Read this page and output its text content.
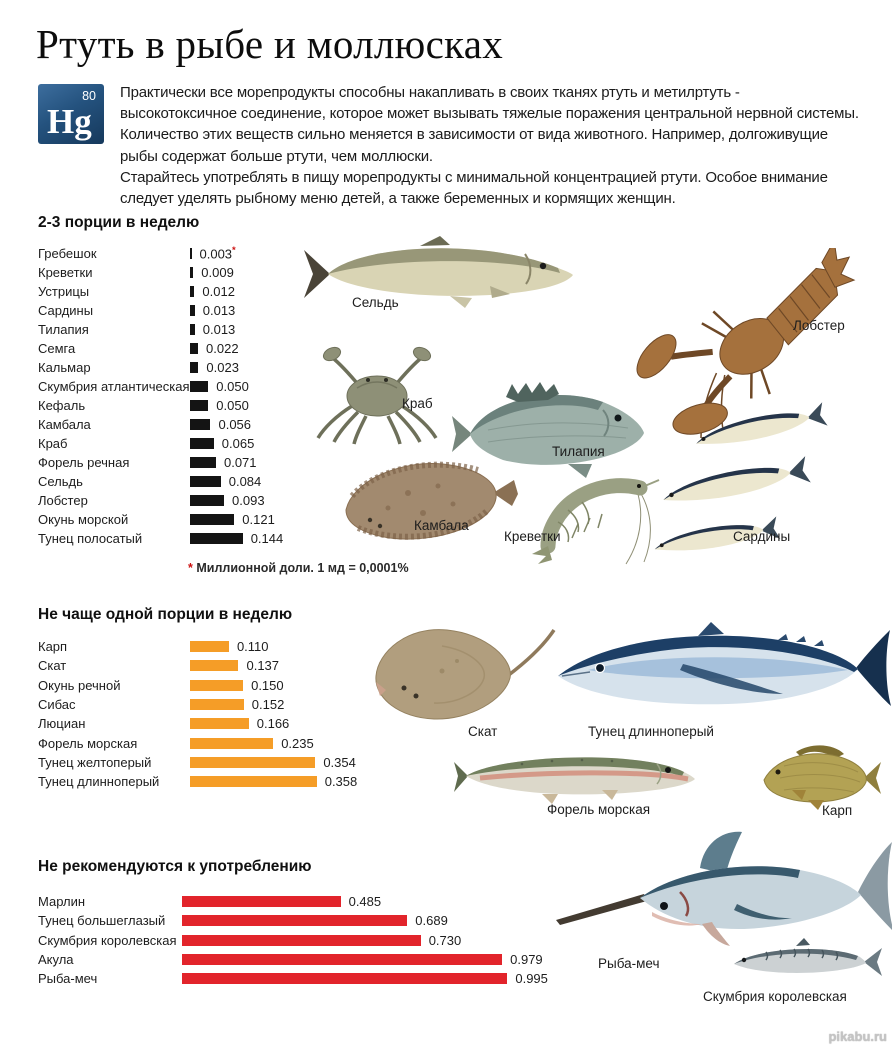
Ртуть в рыбе и моллюсках
80
Hg

Практически все морепродукты способны накапливать в своих тканях ртуть и метилртуть - высокотоксичное соединение, которое может вызывать тяжелые поражения центральной нервной системы. Количество этих веществ сильно меняется в зависимости от вида животного. Например, долгоживущие рыбы содержат больше ртути, чем моллюски.

Старайтесь употреблять в пищу морепродукты с минимальной концентрацией ртути. Особое внимание следует уделять рыбному меню детей, а также беременных и кормящих женщин.

2-3 порции в неделю
Не чаще одной порции в неделю
Не рекомендуются к употреблению
Гребешок	0.003*
Креветки	0.009
Устрицы	0.012
Сардины	0.013
Тилапия	0.013
Семга	0.022
Кальмар	0.023
Скумбрия атлантическая 0.050
Кефаль	0.050
Камбала	0.056
Краб	0.065
Форель речная	0.071
Сельдь	0.084
Лобстер	0.093
Окунь морской	0.121
Тунец полосатый	0.144
Карп	0.110
Скат	0.137
Окунь речной	0.150
Сибас	0.152
Люциан	0.166
Форель морская	0.235
Тунец желтоперый	0.354
Тунец длинноперый	0.358
Марлин	0.485
Тунец большеглазый	0.689
Скумбрия королевская	0.730
Акула	0.979
Рыба-меч	0.995
* Миллионной доли. 1 мд = 0,0001%
Сельдь
Лобстер
Краб
Тилапия
Камбала
Креветки	Сардины
Скат	Тунец длинноперый
Форель морская	Карп
Рыба-меч
Скумбрия королевская
pikabu.ru
